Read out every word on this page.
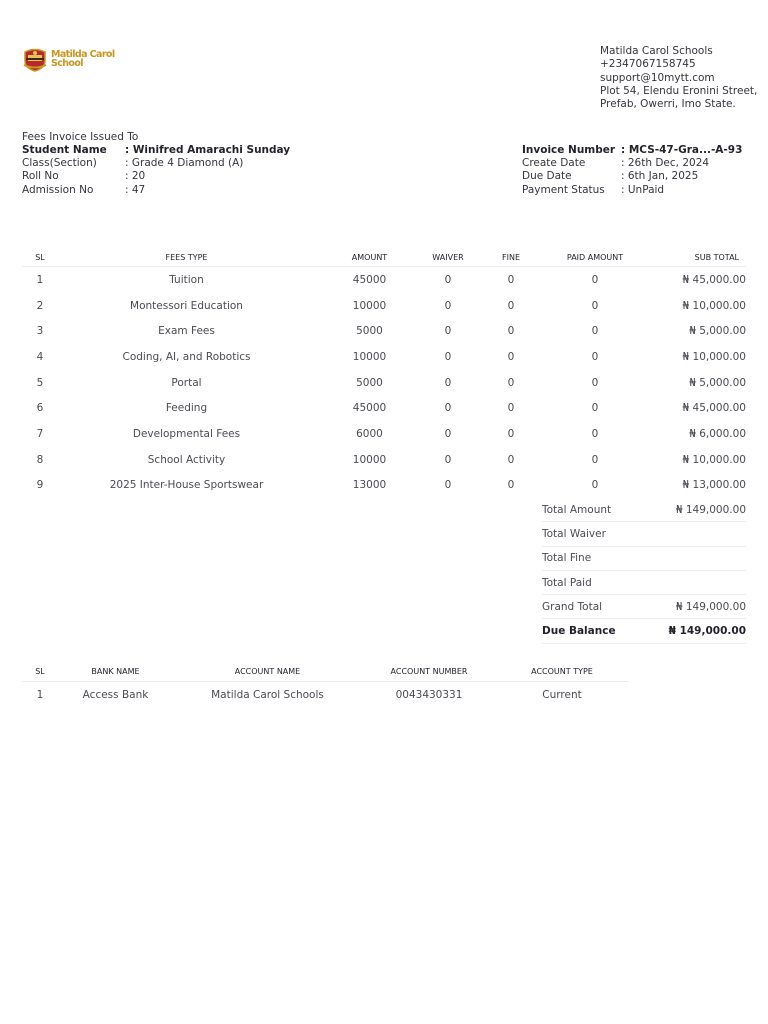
Matilda Carol
School
Matilda Carol Schools
+2347067158745
support@10mytt.com
Plot 54, Elendu Eronini Street,
Prefab, Owerri, Imo State.
Fees Invoice Issued To
Student Name	: Winifred Amarachi Sunday
Class(Section)	: Grade 4 Diamond (A)
Roll No	: 20
Admission No	: 47
Invoice Number : MCS-47-Gra...-A-93
Create Date	: 26th Dec, 2024
Due Date	: 6th Jan, 2025
Payment Status	: UnPaid
SL	FEES TYPE	AMOUNT	WAIVER	FINE	PAID AMOUNT	SUB TOTAL
1	Tuition	45000	0	0	0	₦ 45,000.00
2	Montessori Education	10000	0	0	0	₦ 10,000.00
3	Exam Fees	5000	0	0	0	₦ 5,000.00
4	Coding, AI, and Robotics	10000	0	0	0	₦ 10,000.00
5	Portal	5000	0	0	0	₦ 5,000.00
6	Feeding	45000	0	0	0	₦ 45,000.00
7	Developmental Fees	6000	0	0	0	₦ 6,000.00
8	School Activity	10000	0	0	0	₦ 10,000.00
9	2025 Inter-House Sportswear	13000	0	0	0	₦ 13,000.00
Total Amount	₦ 149,000.00
Total Waiver
Total Fine
Total Paid
Grand Total	₦ 149,000.00
Due Balance	₦ 149,000.00
SL	BANK NAME	ACCOUNT NAME	ACCOUNT NUMBER	ACCOUNT TYPE
1	Access Bank	Matilda Carol Schools	0043430331	Current
